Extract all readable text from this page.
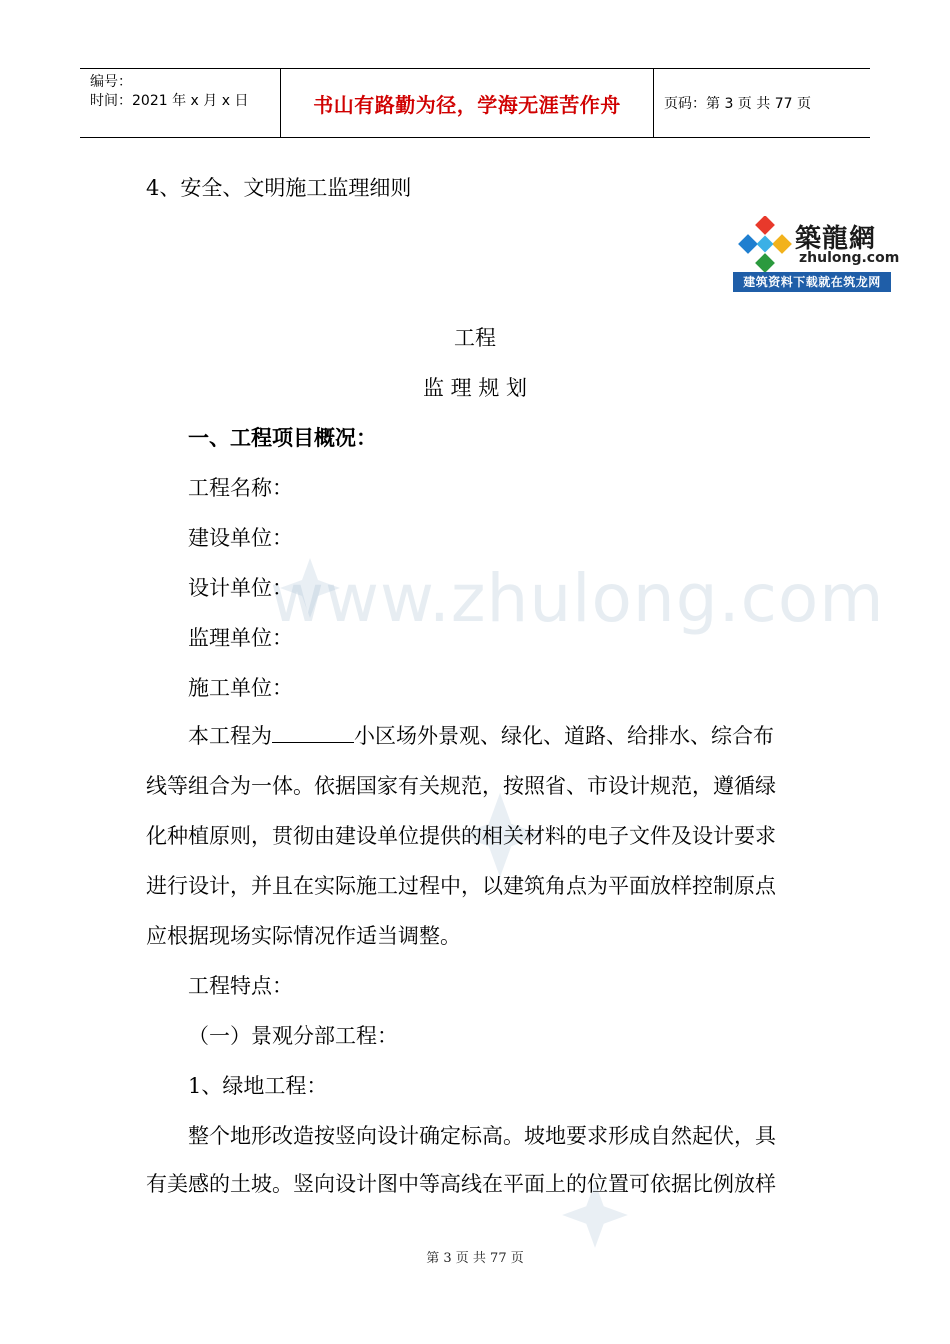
编号：
时间：2021 年 x 月 x 日	书山有路勤为径，学海无涯苦作舟	页码：第 3 页 共 77 页
www.zhulong.com
築龍網
zhulong.com
建筑资料下载就在筑龙网
4、安全、文明施工监理细则
工程
监 理 规 划
一、工程项目概况：
工程名称：
建设单位：
设计单位：
监理单位：
施工单位：
本工程为	小区场外景观、绿化、道路、给排水、综合布
线等组合为一体。依据国家有关规范，按照省、市设计规范，遵循绿
化种植原则，贯彻由建设单位提供的相关材料的电子文件及设计要求
进行设计，并且在实际施工过程中，以建筑角点为平面放样控制原点
应根据现场实际情况作适当调整。
工程特点：
（一）景观分部工程：
1、绿地工程：
整个地形改造按竖向设计确定标高。坡地要求形成自然起伏，具
有美感的土坡。竖向设计图中等高线在平面上的位置可依据比例放样
第 3 页 共 77 页
